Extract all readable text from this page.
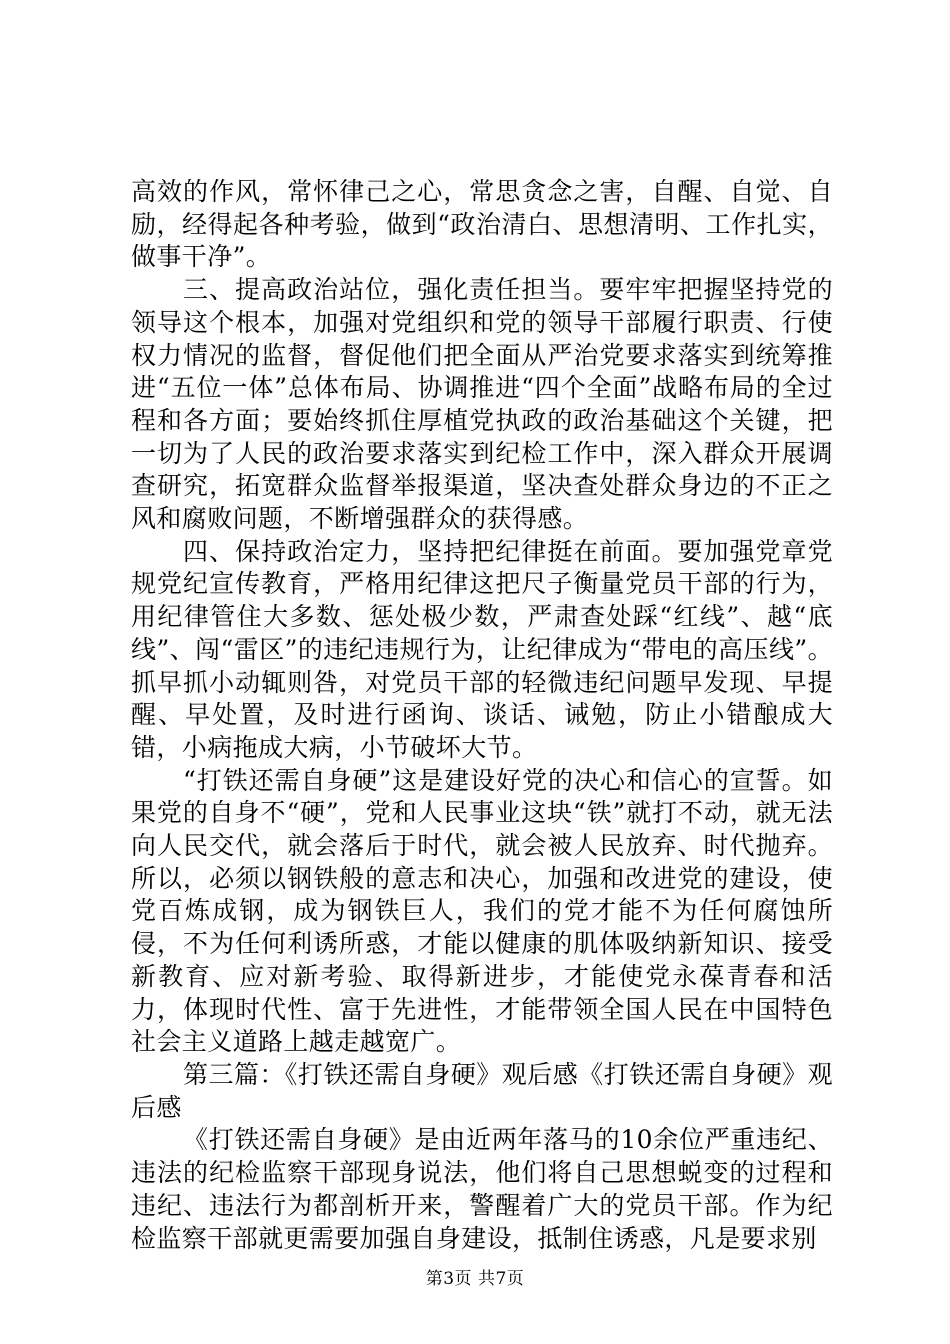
高效的作风，常怀律己之心，常思贪念之害，自醒、自觉、自励，经得起各种考验，做到“政治清白、思想清明、工作扎实，做事干净”。

三、提高政治站位，强化责任担当。要牢牢把握坚持党的领导这个根本，加强对党组织和党的领导干部履行职责、行使权力情况的监督，督促他们把全面从严治党要求落实到统筹推进“五位一体”总体布局、协调推进“四个全面”战略布局的全过程和各方面；要始终抓住厚植党执政的政治基础这个关键，把一切为了人民的政治要求落实到纪检工作中，深入群众开展调查研究，拓宽群众监督举报渠道，坚决查处群众身边的不正之风和腐败问题，不断增强群众的获得感。

四、保持政治定力，坚持把纪律挺在前面。要加强党章党规党纪宣传教育，严格用纪律这把尺子衡量党员干部的行为，用纪律管住大多数、惩处极少数，严肃查处踩“红线”、越“底线”、闯“雷区”的违纪违规行为，让纪律成为“带电的高压线”。抓早抓小动辄则咎，对党员干部的轻微违纪问题早发现、早提醒、早处置，及时进行函询、谈话、诫勉，防止小错酿成大错，小病拖成大病，小节破坏大节。

“打铁还需自身硬”这是建设好党的决心和信心的宣誓。如果党的自身不“硬”，党和人民事业这块“铁”就打不动，就无法向人民交代，就会落后于时代，就会被人民放弃、时代抛弃。所以，必须以钢铁般的意志和决心，加强和改进党的建设，使党百炼成钢，成为钢铁巨人，我们的党才能不为任何腐蚀所侵，不为任何利诱所惑，才能以健康的肌体吸纳新知识、接受新教育、应对新考验、取得新进步，才能使党永葆青春和活力，体现时代性、富于先进性，才能带领全国人民在中国特色社会主义道路上越走越宽广。

第三篇：《打铁还需自身硬》观后感《打铁还需自身硬》观后感

《打铁还需自身硬》是由近两年落马的10余位严重违纪、违法的纪检监察干部现身说法，他们将自己思想蜕变的过程和违纪、违法行为都剖析开来，警醒着广大的党员干部。作为纪检监察干部就更需要加强自身建设，抵制住诱惑，凡是要求别

第3页 共7页
